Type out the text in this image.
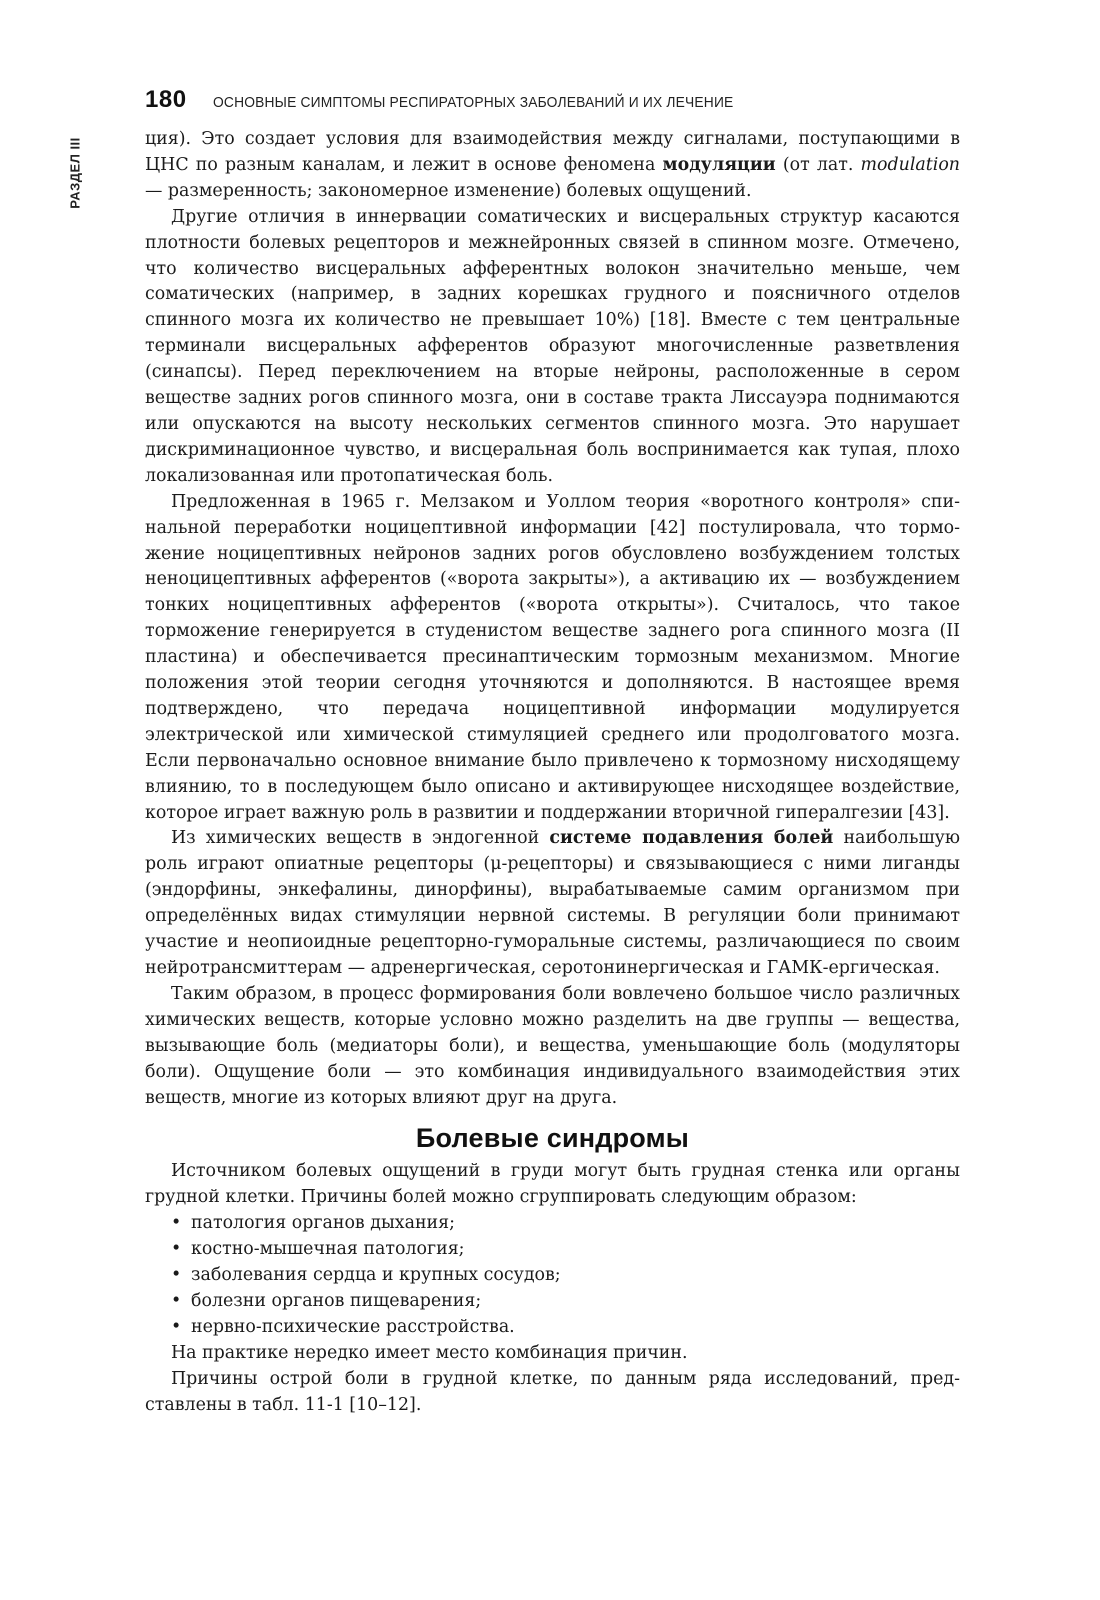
РАЗДЕЛ III
180 ОСНОВНЫЕ СИМПТОМЫ РЕСПИРАТОРНЫХ ЗАБОЛЕВАНИЙ И ИХ ЛЕЧЕНИЕ

ция). Это создает условия для взаимодействия между сигналами, поступающими в ЦНС по разным каналам, и лежит в основе феномена модуляции (от лат. modulation — размеренность; закономерное изменение) болевых ощущений.

Другие отличия в иннервации соматических и висцеральных структур касаются плотности болевых рецепторов и межнейронных связей в спинном мозге. Отмечено, что количество висцеральных афферентных волокон значительно меньше, чем соматических (например, в задних корешках грудного и поясничного отделов спинного мозга их количество не превышает 10%) [18]. Вместе с тем центральные терминали висцеральных афферентов образуют многочисленные разветвления (синапсы). Перед переключением на вторые нейроны, расположенные в сером веществе задних рогов спинного мозга, они в составе тракта Лиссауэра поднимаются или опускаются на высоту нескольких сегментов спинного мозга. Это нарушает дискриминационное чувство, и висцеральная боль воспринимается как тупая, плохо локализованная или протопатическая боль.

Предложенная в 1965 г. Мелзаком и Уоллом теория «воротного контроля» спинальной переработки ноцицептивной информации [42] постулировала, что торможение ноцицептивных нейронов задних рогов обусловлено возбуждением толстых неноцицептивных афферентов («ворота закрыты»), а активацию их — возбуждением тонких ноцицептивных афферентов («ворота открыты»). Считалось, что такое торможение генерируется в студенистом веществе заднего рога спинного мозга (II пластина) и обеспечивается пресинаптическим тормозным механизмом. Многие положения этой теории сегодня уточняются и дополняются. В настоящее время подтверждено, что передача ноцицептивной информации модулируется электрической или химической стимуляцией среднего или продолговатого мозга. Если первоначально основное внимание было привлечено к тормозному нисходящему влиянию, то в последующем было описано и активирующее нисходящее воздействие, которое играет важную роль в развитии и поддержании вторичной гипералгезии [43].

Из химических веществ в эндогенной системе подавления болей наибольшую роль играют опиатные рецепторы (μ-рецепторы) и связывающиеся с ними лиганды (эндорфины, энкефалины, динорфины), вырабатываемые самим организмом при определённых видах стимуляции нервной системы. В регуляции боли принимают участие и неопиоидные рецепторно-гуморальные системы, различающиеся по своим нейротрансмиттерам — адренергическая, серотонинергическая и ГАМК-ергическая.

Таким образом, в процесс формирования боли вовлечено большое число различных химических веществ, которые условно можно разделить на две группы — вещества, вызывающие боль (медиаторы боли), и вещества, уменьшающие боль (модуляторы боли). Ощущение боли — это комбинация индивидуального взаимодействия этих веществ, многие из которых влияют друг на друга.

Болевые синдромы

Источником болевых ощущений в груди могут быть грудная стенка или органы грудной клетки. Причины болей можно сгруппировать следующим образом:

• патология органов дыхания;
• костно-мышечная патология;
• заболевания сердца и крупных сосудов;
• болезни органов пищеварения;
• нервно-психические расстройства.

На практике нередко имеет место комбинация причин.

Причины острой боли в грудной клетке, по данным ряда исследований, представлены в табл. 11-1 [10–12].
